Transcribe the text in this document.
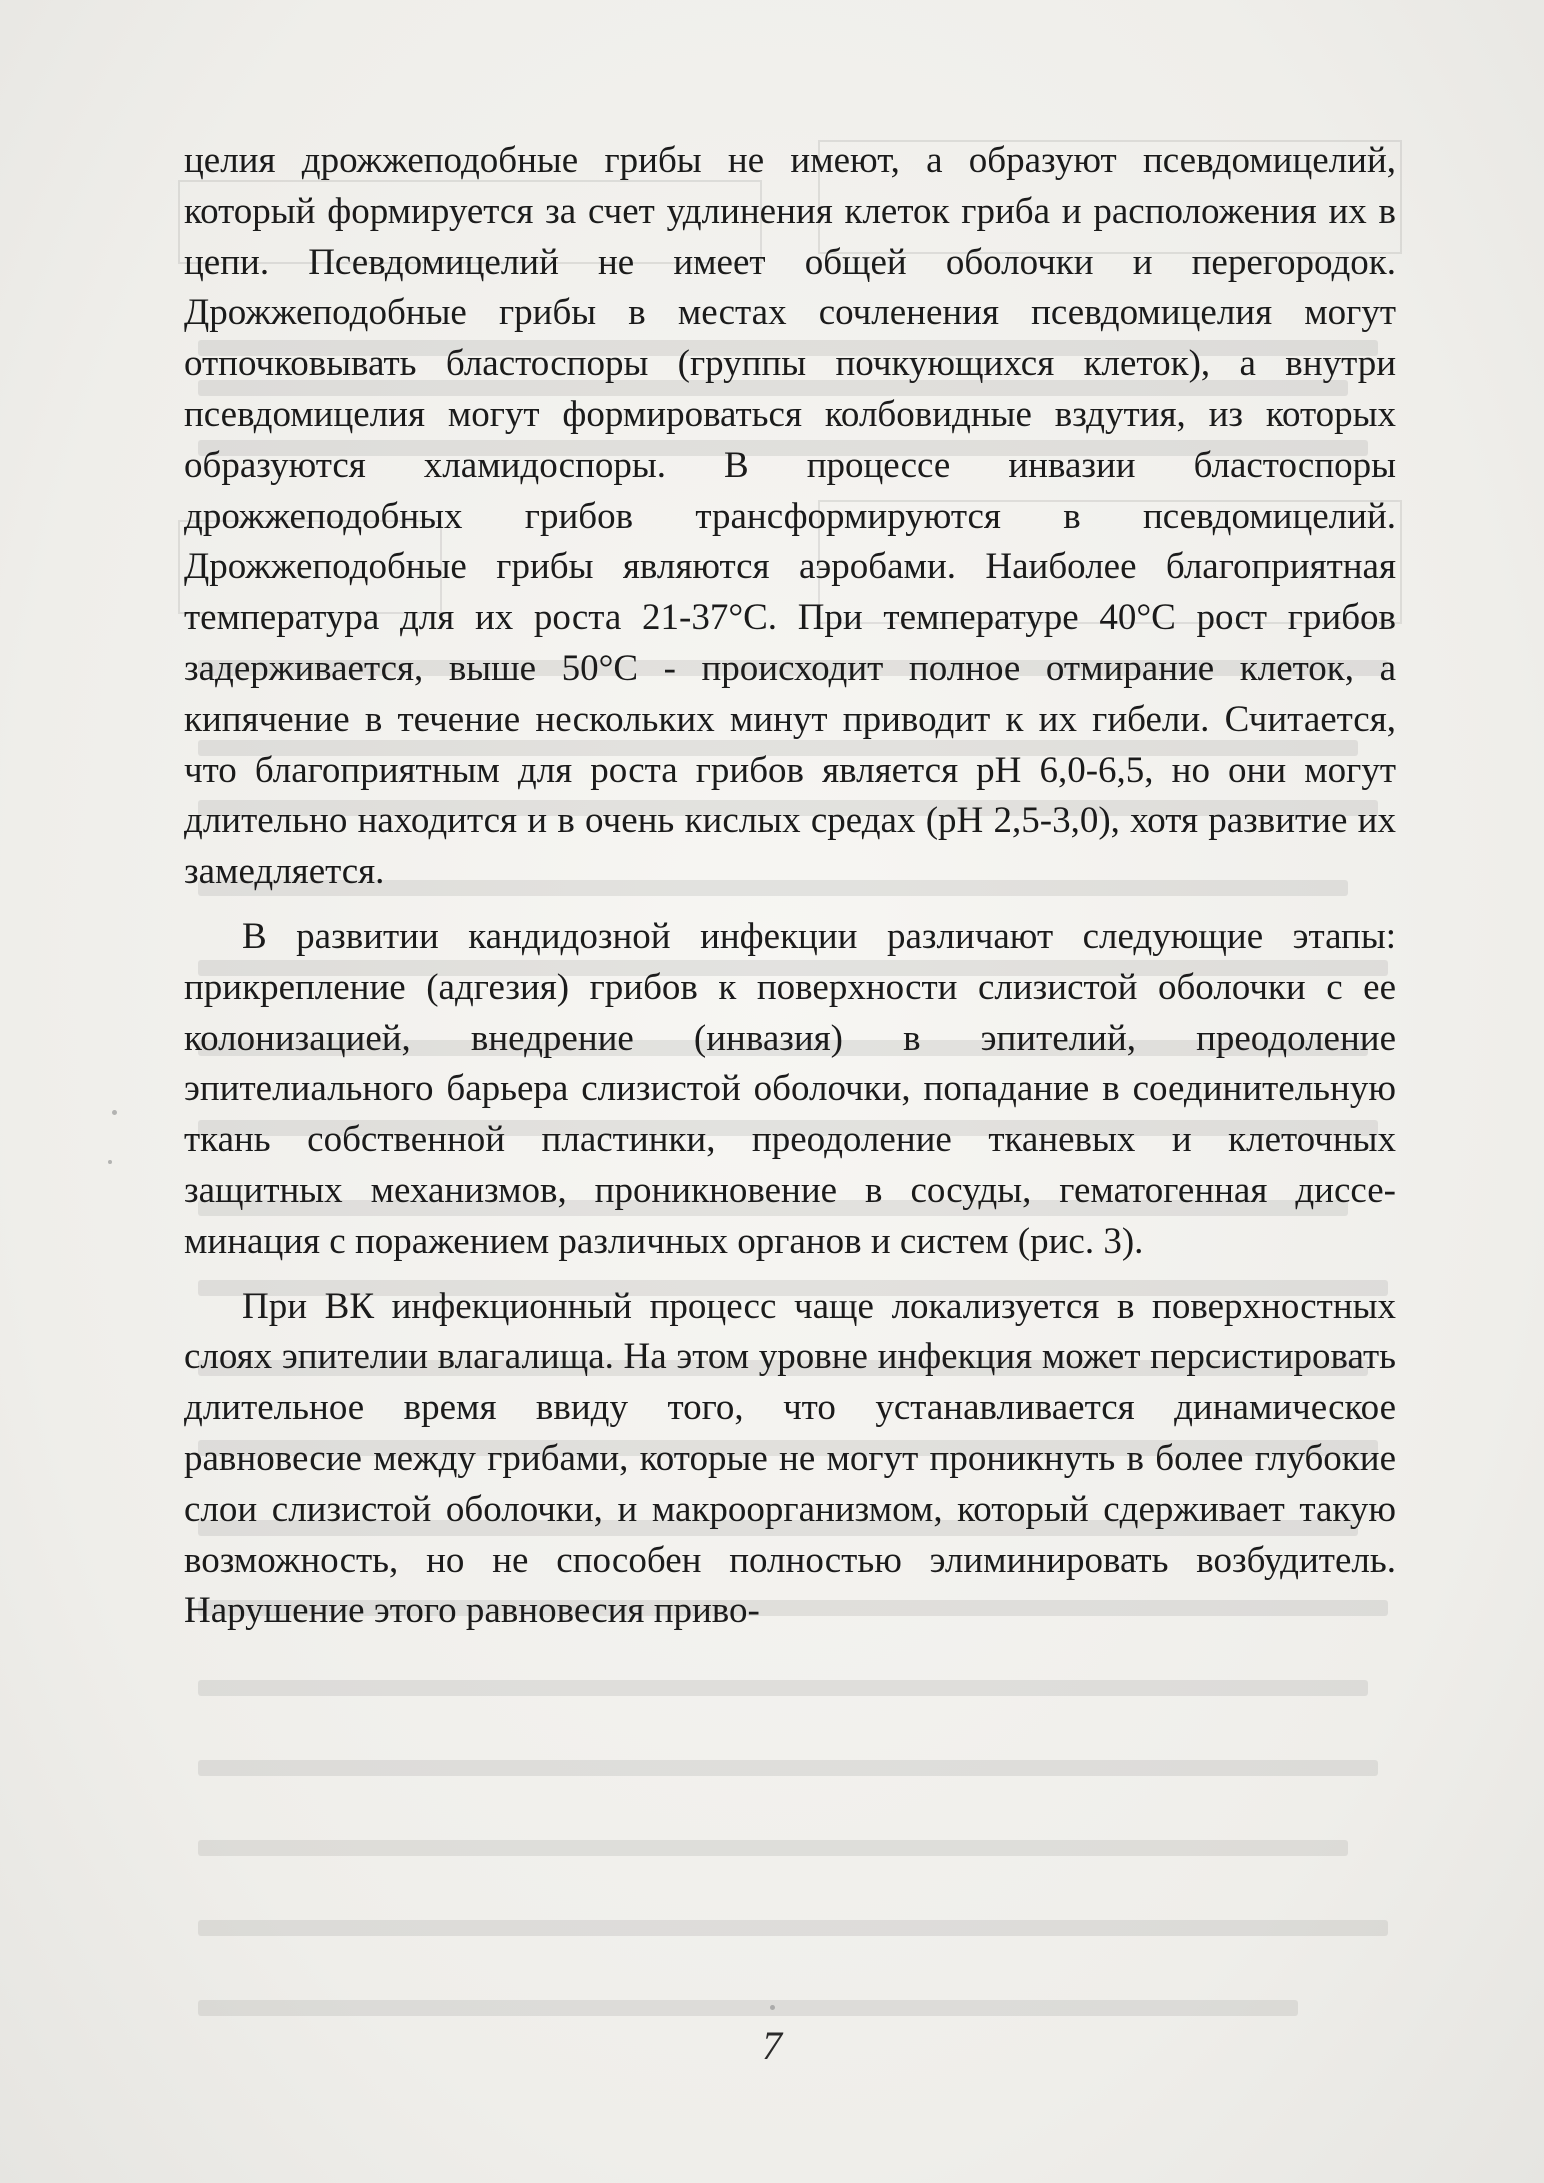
целия дрожжеподобные грибы не имеют, а образуют псевдомицелий, который формируется за счет удлинения клеток гриба и расположения их в цепи. Псевдомицелий не имеет общей оболочки и перегородок. Дрожжеподобные грибы в местах сочленения псевдомицелия могут отпочковывать бластоспоры (группы почкующихся клеток), а внутри псевдомицелия могут формироваться колбовидные вздутия, из которых образуются хламидоспоры. В процессе инвазии бластоспоры дрожжеподобных грибов трансформируются в псевдомицелий. Дрожжеподобные грибы являются аэробами. Наиболее благоприятная температура для их роста 21-37°С. При температуре 40°С рост грибов задерживается, выше 50°С - происходит полное отмирание клеток, а кипячение в течение нескольких минут приводит к их гибели. Считается, что благоприятным для роста грибов является рН 6,0-6,5, но они могут длительно находится и в очень кислых средах (рН 2,5-3,0), хотя развитие их замедляется.

В развитии кандидозной инфекции различают следующие этапы: прикрепление (адгезия) грибов к поверхности слизистой оболочки с ее колонизацией, внедрение (инвазия) в эпителий, преодоление эпителиального барьера слизистой оболочки, попадание в соединительную ткань собственной пластинки, преодоление тканевых и клеточных защитных механизмов, проникновение в сосуды, гематогенная диссеминация с поражением различных органов и систем (рис. 3).

При ВК инфекционный процесс чаще локализуется в поверхностных слоях эпителии влагалища. На этом уровне инфекция может персистировать длительное время ввиду того, что устанавливается динамическое равновесие между грибами, которые не могут проникнуть в более глубокие слои слизистой оболочки, и макроорганизмом, который сдерживает такую возможность, но не способен полностью элиминировать возбудитель. Нарушение этого равновесия приво-

7
